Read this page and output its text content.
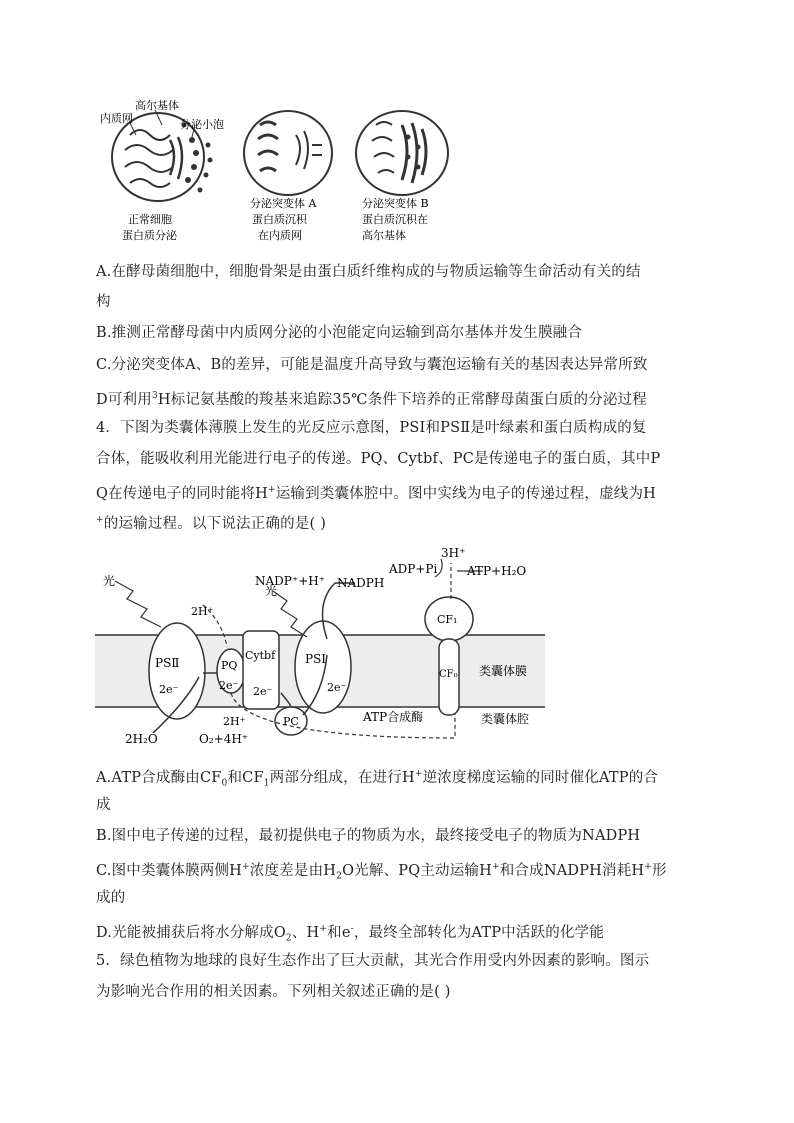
高尔基体
内质网	分泌小泡
正常细胞
蛋白质分泌
分泌突变体 A
蛋白质沉积
在内质网
分泌突变体 B
蛋白质沉积在
高尔基体
A.在酵母菌细胞中，细胞骨架是由蛋白质纤维构成的与物质运输等生命活动有关的结
构
B.推测正常酵母菌中内质网分泌的小泡能定向运输到高尔基体并发生膜融合
C.分泌突变体A、B的差异，可能是温度升高导致与囊泡运输有关的基因表达异常所致
D可利用$^3$H标记氨基酸的羧基来追踪35℃条件下培养的正常酵母菌蛋白质的分泌过程
4．下图为类囊体薄膜上发生的光反应示意图，PSI和PSⅡ是叶绿素和蛋白质构成的复
合体，能吸收利用光能进行电子的传递。PQ、Cytbf、PC是传递电子的蛋白质，其中P
Q在传递电子的同时能将H+运输到类囊体腔中。图中实线为电子的传递过程，虚线为H
+的运输过程。以下说法正确的是( )
光
光
2H⁺
PSⅡ	PQ
Cytbf PSⅠ
2e⁻	2e⁻ 2e⁻	2e⁻
PC
2H⁺
2H₂O	O₂+4H⁺
NADP⁺+H⁺ NADPH
ADP+Pi
3H⁺
ATP+H₂O
CF₁
CF₀
ATP合成酶
类囊体膜
类囊体腔
A.ATP合成酶由$CF_0$和$CF_1$两部分组成，在进行H+逆浓度梯度运输的同时催化ATP的合
成
B.图中电子传递的过程，最初提供电子的物质为水，最终接受电子的物质为NADPH
C.图中类囊体膜两侧H+浓度差是由$H_2O$光解、PQ主动运输H+和合成NADPH消耗H+形
成的
D.光能被捕获后将水分解成$O_2$、H+和e-，最终全部转化为ATP中活跃的化学能
5．绿色植物为地球的良好生态作出了巨大贡献，其光合作用受内外因素的影响。图示
为影响光合作用的相关因素。下列相关叙述正确的是( )
